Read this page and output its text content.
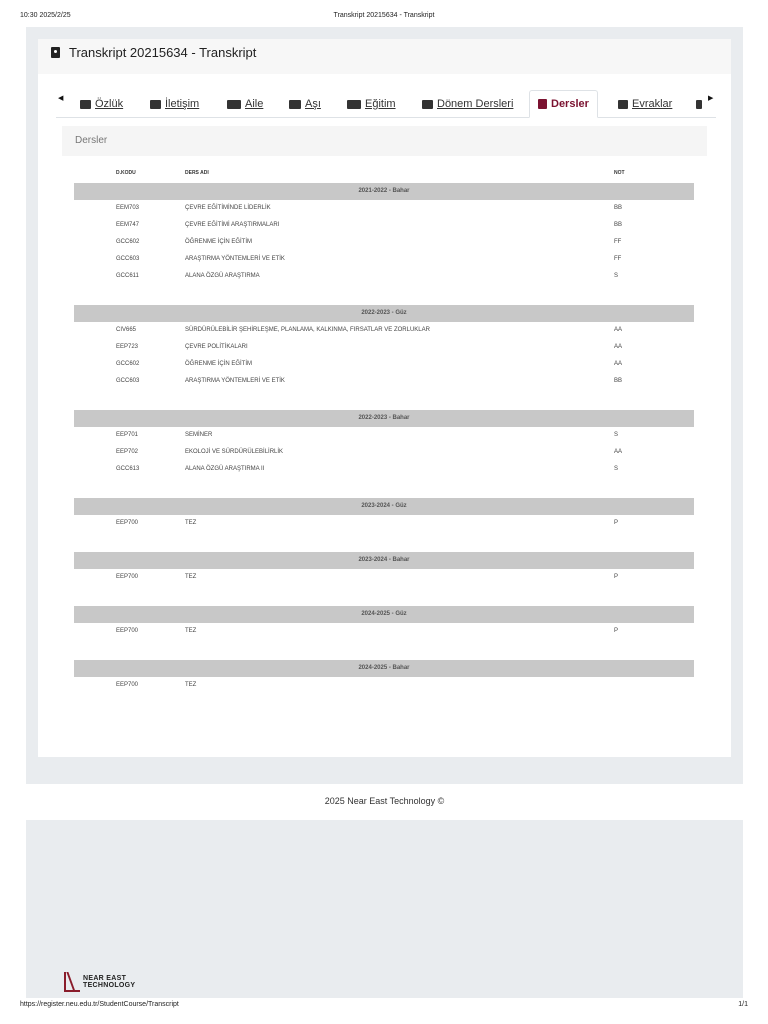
10:30 2025/2/25	Transkript 20215634 - Transkript
Transkript 20215634 - Transkript
◀	Özlük	İletişim	Aile	Aşı	Eğitim	Dönem Dersleri	Dersler	Evraklar	▶
Dersler
D.KODU	DERS ADI	NOT
2021-2022 - Bahar
EEM703	ÇEVRE EĞİTİMİNDE LİDERLİK	BB
EEM747	ÇEVRE EĞİTİMİ ARAŞTIRMALARI	BB
GCC602	ÖĞRENME İÇİN EĞİTİM	FF
GCC603	ARAŞTIRMA YÖNTEMLERİ VE ETİK	FF
GCC611	ALANA ÖZGÜ ARAŞTIRMA	S
2022-2023 - Güz
CIV665	SÜRDÜRÜLEBİLİR ŞEHİRLEŞME, PLANLAMA, KALKINMA, FIRSATLAR VE ZORLUKLAR	AA
EEP723	ÇEVRE POLİTİKALARI	AA
GCC602	ÖĞRENME İÇİN EĞİTİM	AA
GCC603	ARAŞTIRMA YÖNTEMLERİ VE ETİK	BB
2022-2023 - Bahar
EEP701	SEMİNER	S
EEP702	EKOLOJİ VE SÜRDÜRÜLEBİLİRLİK	AA
GCC613	ALANA ÖZGÜ ARAŞTIRMA II	S
2023-2024 - Güz
EEP700	TEZ	P
2023-2024 - Bahar
EEP700	TEZ	P
2024-2025 - Güz
EEP700	TEZ	P
2024-2025 - Bahar
EEP700	TEZ
2025 Near East Technology ©
NEAR EAST
TECHNOLOGY
https://register.neu.edu.tr/StudentCourse/Transcript	1/1
